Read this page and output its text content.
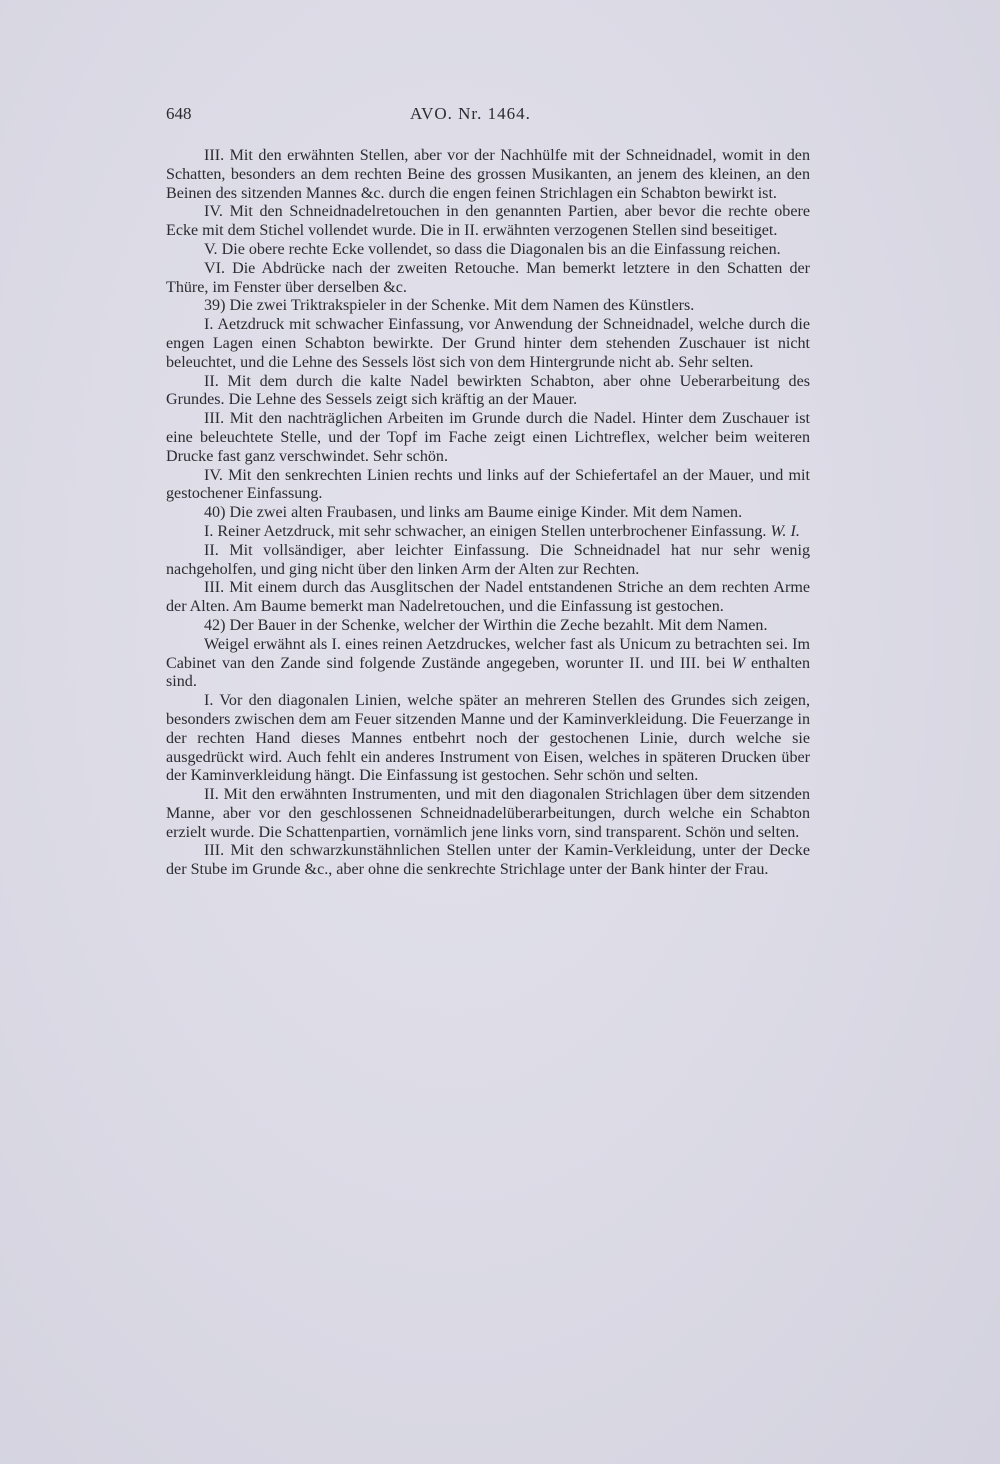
648	AVO. Nr. 1464.

III. Mit den erwähnten Stellen, aber vor der Nachhülfe mit der Schneidnadel, womit in den Schatten, besonders an dem rechten Beine des grossen Musikanten, an jenem des kleinen, an den Beinen des sitzenden Mannes &c. durch die engen feinen Strichlagen ein Schabton bewirkt ist.

IV. Mit den Schneidnadelretouchen in den genannten Partien, aber bevor die rechte obere Ecke mit dem Stichel vollendet wurde. Die in II. erwähnten verzogenen Stellen sind beseitiget.

V. Die obere rechte Ecke vollendet, so dass die Diagonalen bis an die Einfassung reichen.

VI. Die Abdrücke nach der zweiten Retouche. Man bemerkt letztere in den Schatten der Thüre, im Fenster über derselben &c.

39) Die zwei Triktrakspieler in der Schenke. Mit dem Namen des Künstlers.

I. Aetzdruck mit schwacher Einfassung, vor Anwendung der Schneidnadel, welche durch die engen Lagen einen Schabton bewirkte. Der Grund hinter dem stehenden Zuschauer ist nicht beleuchtet, und die Lehne des Sessels löst sich von dem Hintergrunde nicht ab. Sehr selten.

II. Mit dem durch die kalte Nadel bewirkten Schabton, aber ohne Ueberarbeitung des Grundes. Die Lehne des Sessels zeigt sich kräftig an der Mauer.

III. Mit den nachträglichen Arbeiten im Grunde durch die Nadel. Hinter dem Zuschauer ist eine beleuchtete Stelle, und der Topf im Fache zeigt einen Lichtreflex, welcher beim weiteren Drucke fast ganz verschwindet. Sehr schön.

IV. Mit den senkrechten Linien rechts und links auf der Schiefertafel an der Mauer, und mit gestochener Einfassung.

40) Die zwei alten Fraubasen, und links am Baume einige Kinder. Mit dem Namen.

I. Reiner Aetzdruck, mit sehr schwacher, an einigen Stellen unterbrochener Einfassung. W. I.

II. Mit vollsändiger, aber leichter Einfassung. Die Schneidnadel hat nur sehr wenig nachgeholfen, und ging nicht über den linken Arm der Alten zur Rechten.

III. Mit einem durch das Ausglitschen der Nadel entstandenen Striche an dem rechten Arme der Alten. Am Baume bemerkt man Nadelretouchen, und die Einfassung ist gestochen.

42) Der Bauer in der Schenke, welcher der Wirthin die Zeche bezahlt. Mit dem Namen.

Weigel erwähnt als I. eines reinen Aetzdruckes, welcher fast als Unicum zu betrachten sei. Im Cabinet van den Zande sind folgende Zustände angegeben, worunter II. und III. bei W enthalten sind.

I. Vor den diagonalen Linien, welche später an mehreren Stellen des Grundes sich zeigen, besonders zwischen dem am Feuer sitzenden Manne und der Kaminverkleidung. Die Feuerzange in der rechten Hand dieses Mannes entbehrt noch der gestochenen Linie, durch welche sie ausgedrückt wird. Auch fehlt ein anderes Instrument von Eisen, welches in späteren Drucken über der Kaminverkleidung hängt. Die Einfassung ist gestochen. Sehr schön und selten.

II. Mit den erwähnten Instrumenten, und mit den diagonalen Strichlagen über dem sitzenden Manne, aber vor den geschlossenen Schneidnadelüberarbeitungen, durch welche ein Schabton erzielt wurde. Die Schattenpartien, vornämlich jene links vorn, sind transparent. Schön und selten.

III. Mit den schwarzkunstähnlichen Stellen unter der Kamin-Verkleidung, unter der Decke der Stube im Grunde &c., aber ohne die senkrechte Strichlage unter der Bank hinter der Frau.
